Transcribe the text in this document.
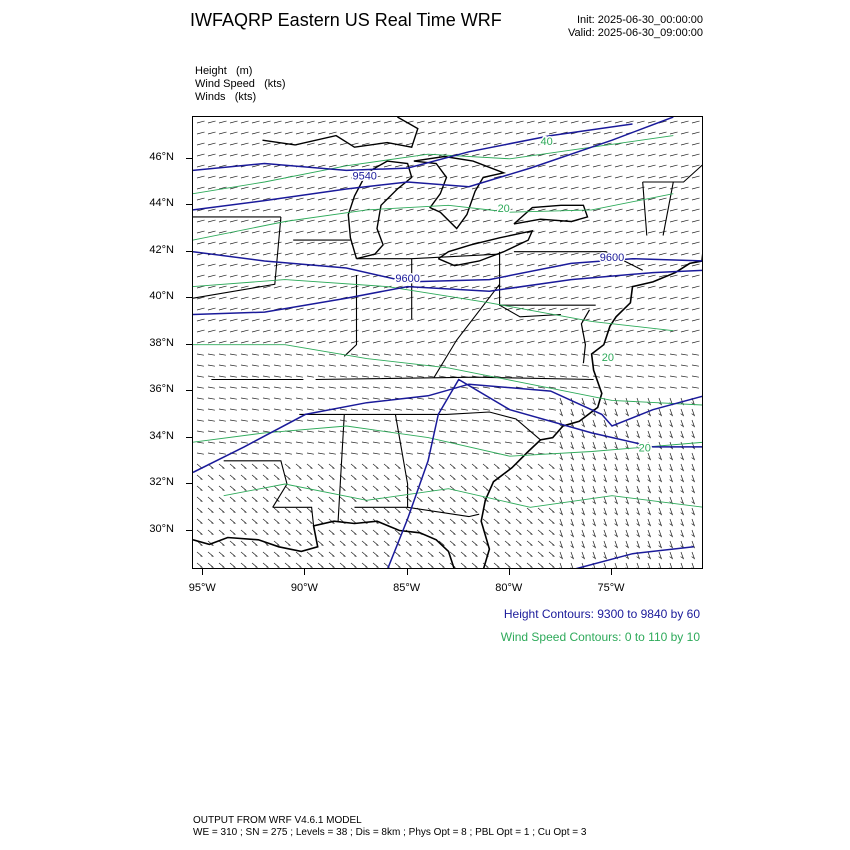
IWFAQRP Eastern US Real Time WRF	Init: 2025-06-30_00:00:00
Valid: 2025-06-30_09:00:00
Height (m)
Wind Speed (kts)
Winds (kts)
9540
9600
9600
40
20
20
20
46°N
44°N
42°N
40°N
38°N
36°N
34°N
32°N
30°N
95°W	90°W	85°W	80°W	75°W
Height Contours: 9300 to 9840 by 60
Wind Speed Contours: 0 to 110 by 10
OUTPUT FROM WRF V4.6.1 MODEL
WE = 310 ; SN = 275 ; Levels = 38 ; Dis = 8km ; Phys Opt = 8 ; PBL Opt = 1 ; Cu Opt = 3
